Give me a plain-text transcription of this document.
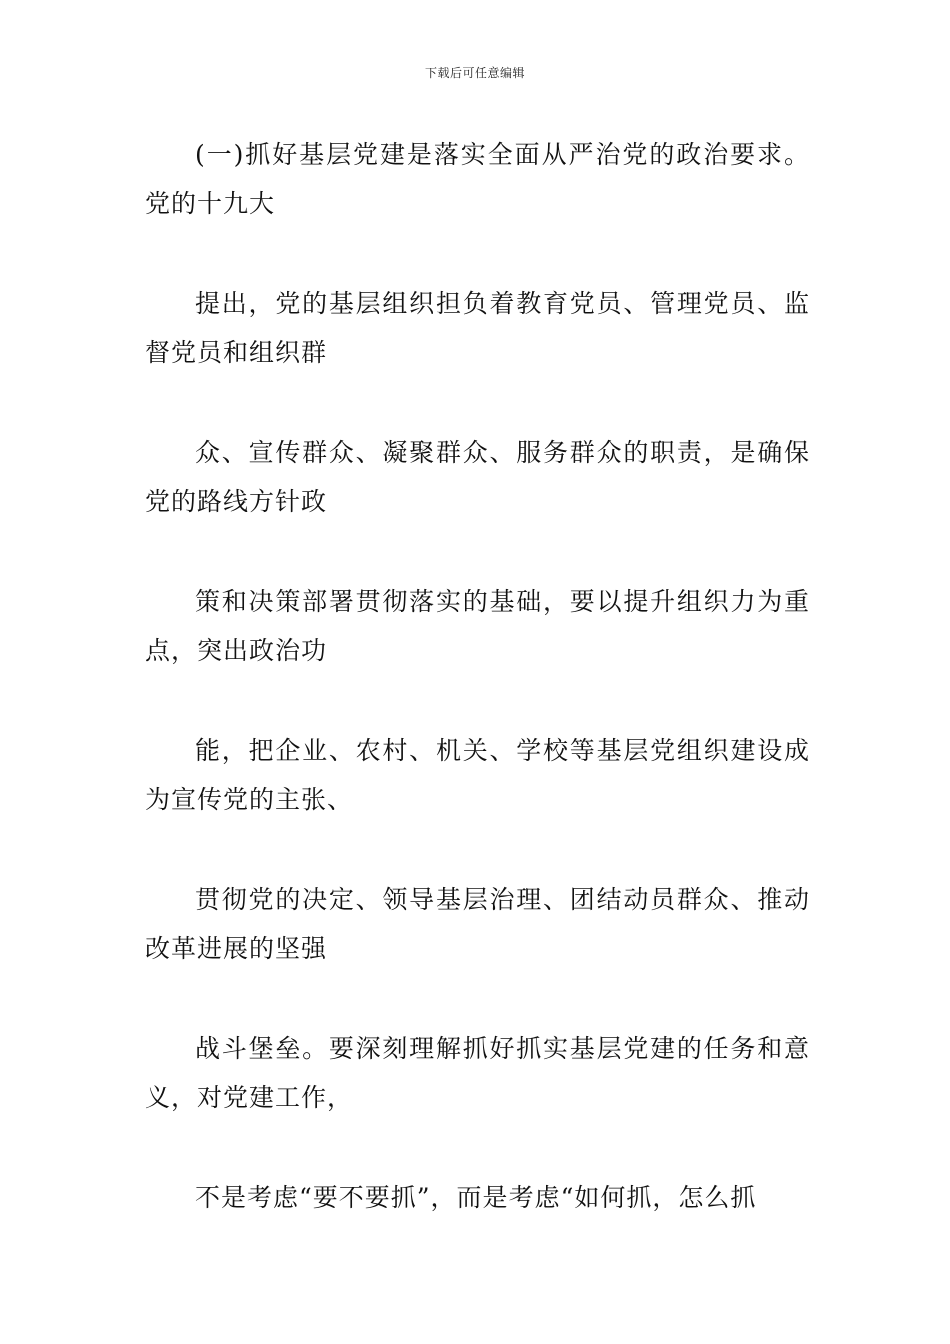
下载后可任意编辑

(一)抓好基层党建是落实全面从严治党的政治要求。党的十九大

提出，党的基层组织担负着教育党员、管理党员、监督党员和组织群

众、宣传群众、凝聚群众、服务群众的职责，是确保党的路线方针政

策和决策部署贯彻落实的基础，要以提升组织力为重点，突出政治功

能，把企业、农村、机关、学校等基层党组织建设成为宣传党的主张、

贯彻党的决定、领导基层治理、团结动员群众、推动改革进展的坚强

战斗堡垒。要深刻理解抓好抓实基层党建的任务和意义，对党建工作，

不是考虑“要不要抓”，而是考虑“如何抓，怎么抓
